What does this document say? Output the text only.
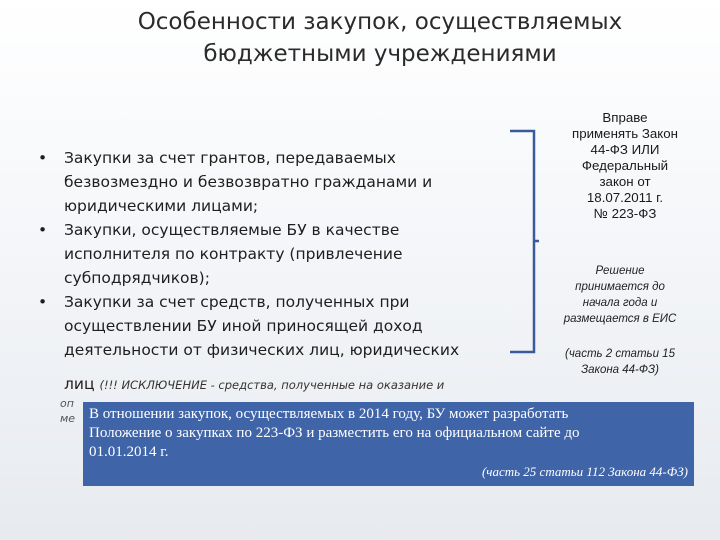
Особенности закупок, осуществляемых
бюджетными учреждениями
• Закупки за счет грантов, передаваемых
безвозмездно и безвозвратно гражданами и
юридическими лицами;
• Закупки, осуществляемые БУ в качестве
исполнителя по контракту (привлечение
субподрядчиков);
• Закупки за счет средств, полученных при
осуществлении БУ иной приносящей доход
деятельности от физических лиц, юридических
лиц (!!! ИСКЛЮЧЕНИЕ - средства, полученные на оказание и
оп
ме
Вправе
применять Закон
44-ФЗ ИЛИ
Федеральный
закон от
18.07.2011 г.
№ 223-ФЗ
Решение
принимается до
начала года и
размещается в ЕИС
(часть 2 статьи 15
Закона 44-ФЗ)
В отношении закупок, осуществляемых в 2014 году, БУ может разработать
Положение о закупках по 223-ФЗ и разместить его на официальном сайте до
01.01.2014 г.
(часть 25 статьи 112 Закона 44-ФЗ)
